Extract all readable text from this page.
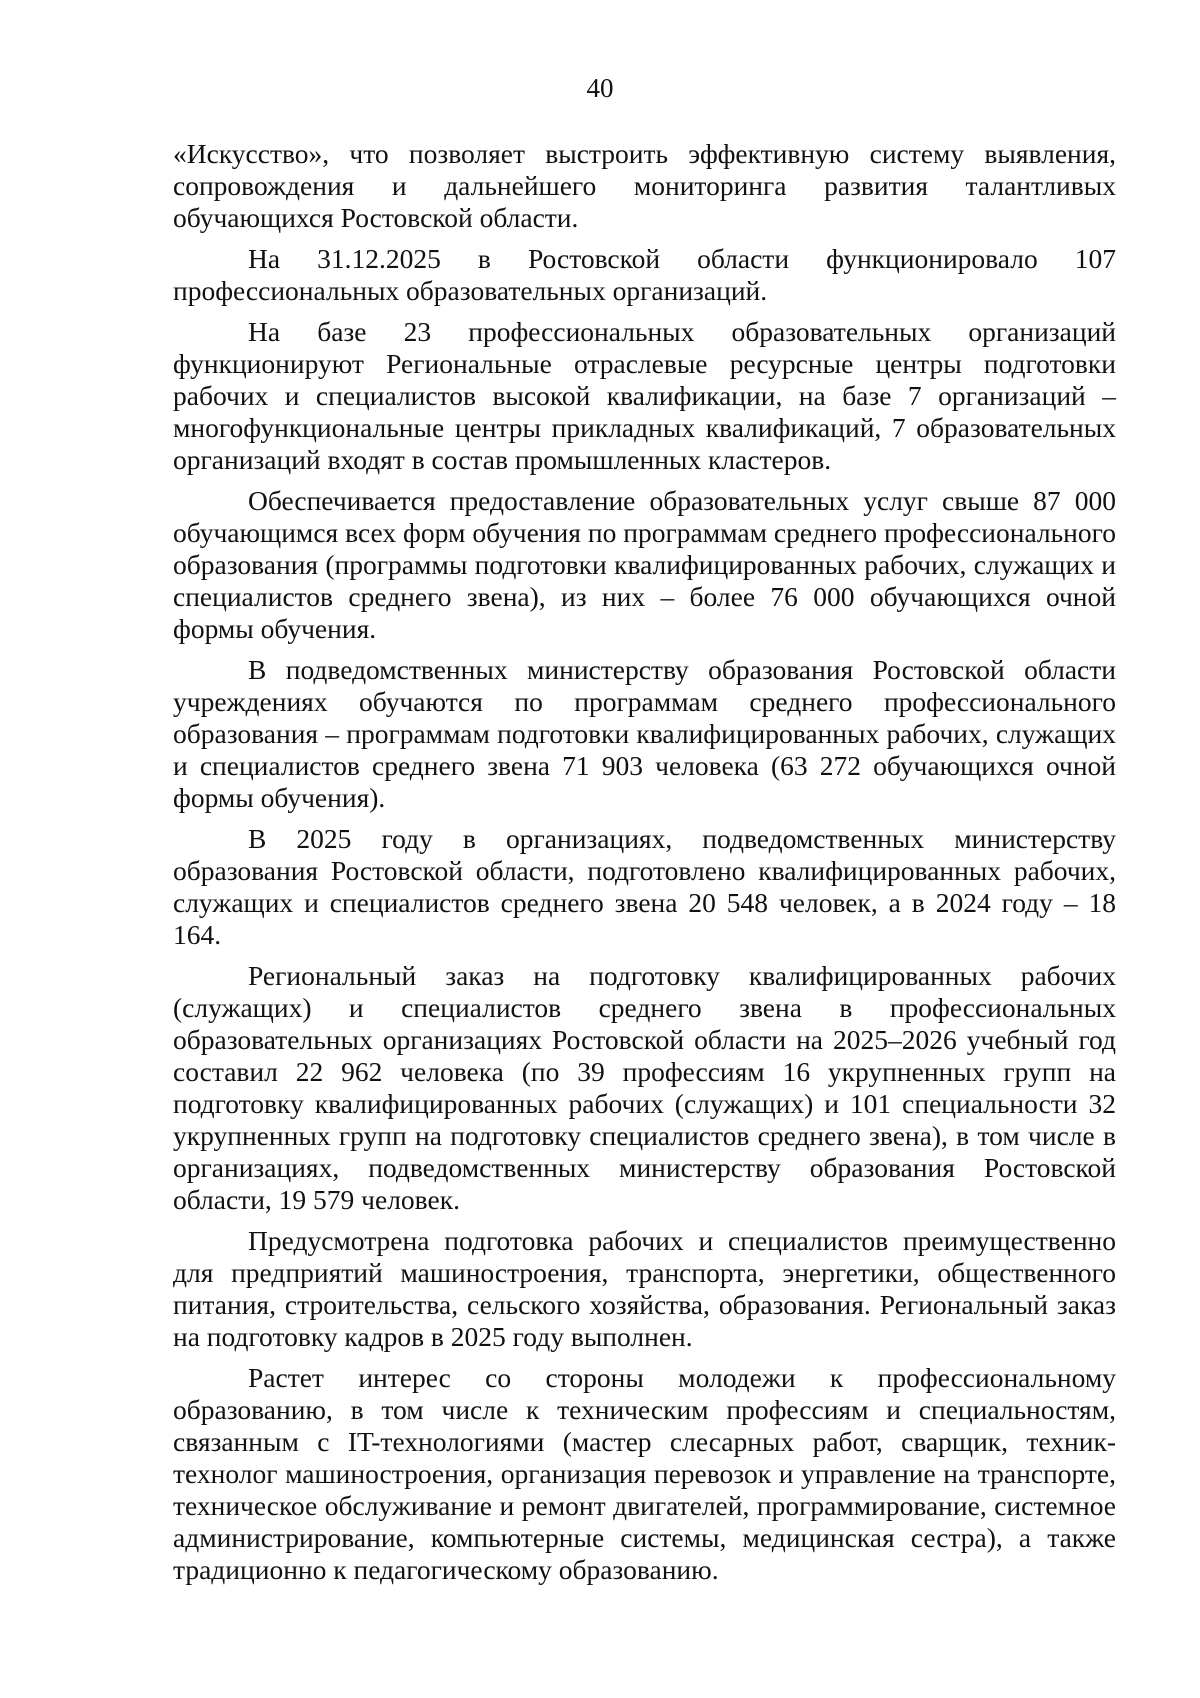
40

«Искусство», что позволяет выстроить эффективную систему выявления, сопровождения и дальнейшего мониторинга развития талантливых обучающихся Ростовской области.

На 31.12.2025 в Ростовской области функционировало 107 профессиональных образовательных организаций.

На базе 23 профессиональных образовательных организаций функционируют Региональные отраслевые ресурсные центры подготовки рабочих и специалистов высокой квалификации, на базе 7 организаций – многофункциональные центры прикладных квалификаций, 7 образовательных организаций входят в состав промышленных кластеров.

Обеспечивается предоставление образовательных услуг свыше 87 000 обучающимся всех форм обучения по программам среднего профессионального образования (программы подготовки квалифицированных рабочих, служащих и специалистов среднего звена), из них – более 76 000 обучающихся очной формы обучения.

В подведомственных министерству образования Ростовской области учреждениях обучаются по программам среднего профессионального образования – программам подготовки квалифицированных рабочих, служащих и специалистов среднего звена 71 903 человека (63 272 обучающихся очной формы обучения).

В 2025 году в организациях, подведомственных министерству образования Ростовской области, подготовлено квалифицированных рабочих, служащих и специалистов среднего звена 20 548 человек, а в 2024 году – 18 164.

Региональный заказ на подготовку квалифицированных рабочих (служащих) и специалистов среднего звена в профессиональных образовательных организациях Ростовской области на 2025–2026 учебный год составил 22 962 человека (по 39 профессиям 16 укрупненных групп на подготовку квалифицированных рабочих (служащих) и 101 специальности 32 укрупненных групп на подготовку специалистов среднего звена), в том числе в организациях, подведомственных министерству образования Ростовской области, 19 579 человек.

Предусмотрена подготовка рабочих и специалистов преимущественно для предприятий машиностроения, транспорта, энергетики, общественного питания, строительства, сельского хозяйства, образования. Региональный заказ на подготовку кадров в 2025 году выполнен.

Растет интерес со стороны молодежи к профессиональному образованию, в том числе к техническим профессиям и специальностям, связанным с IT-технологиями (мастер слесарных работ, сварщик, техник-технолог машиностроения, организация перевозок и управление на транспорте, техническое обслуживание и ремонт двигателей, программирование, системное администрирование, компьютерные системы, медицинская сестра), а также традиционно к педагогическому образованию.
